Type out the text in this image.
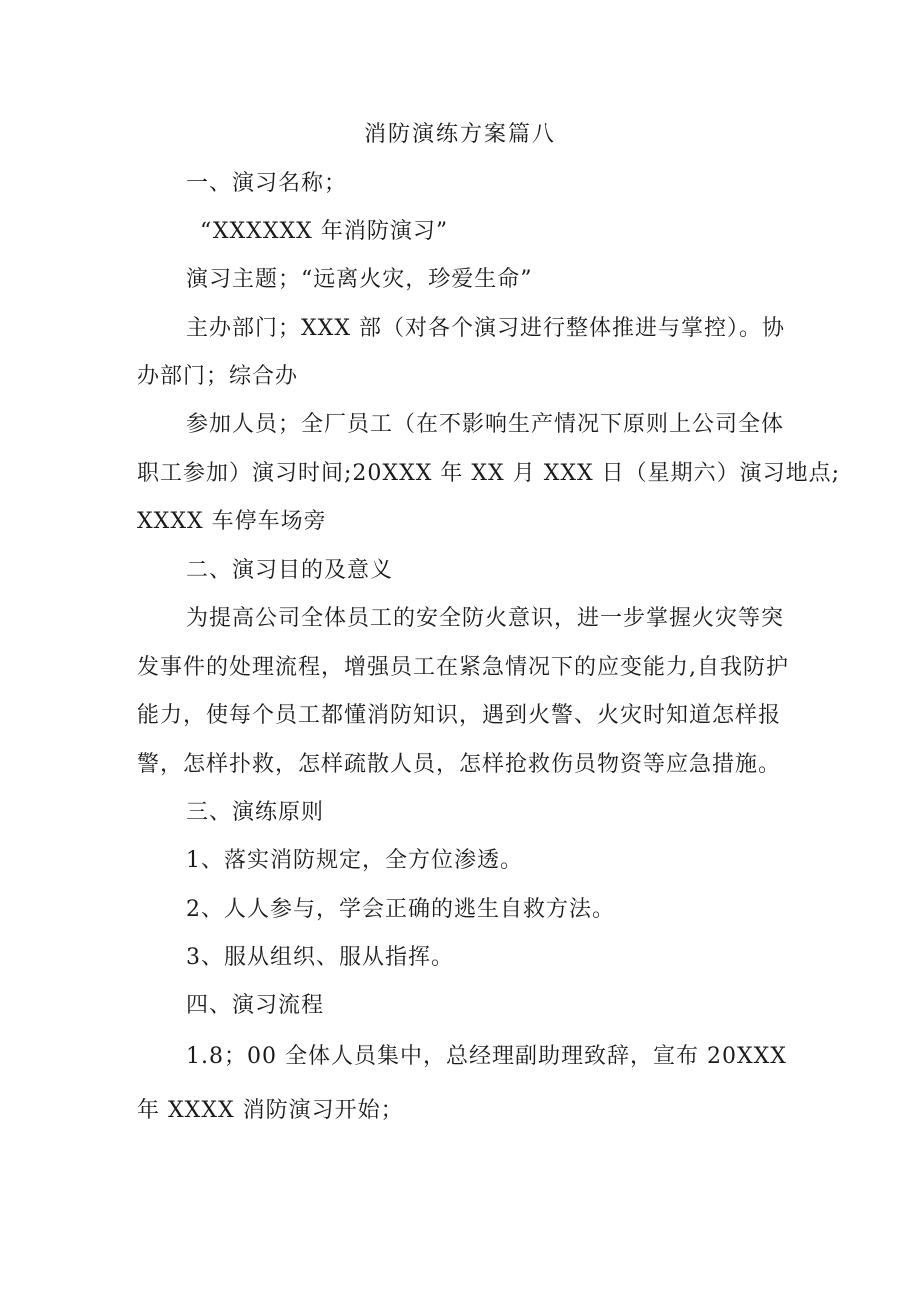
消防演练方案篇八

一、演习名称；

“XXXXXX 年消防演习”

演习主题；“远离火灾，珍爱生命”

主办部门；XXX 部（对各个演习进行整体推进与掌控）。协

办部门；综合办

参加人员；全厂员工（在不影响生产情况下原则上公司全体

职工参加）演习时间;20XXX 年 XX 月 XXX 日（星期六）演习地点;

XXXX 车停车场旁

二、演习目的及意义

为提高公司全体员工的安全防火意识，进一步掌握火灾等突

发事件的处理流程，增强员工在紧急情况下的应变能力,自我防护

能力，使每个员工都懂消防知识，遇到火警、火灾时知道怎样报

警，怎样扑救，怎样疏散人员，怎样抢救伤员物资等应急措施。

三、演练原则

1、落实消防规定，全方位渗透。

2、人人参与，学会正确的逃生自救方法。

3、服从组织、服从指挥。

四、演习流程

1.8；00 全体人员集中，总经理副助理致辞，宣布 20XXX

年 XXXX 消防演习开始；
